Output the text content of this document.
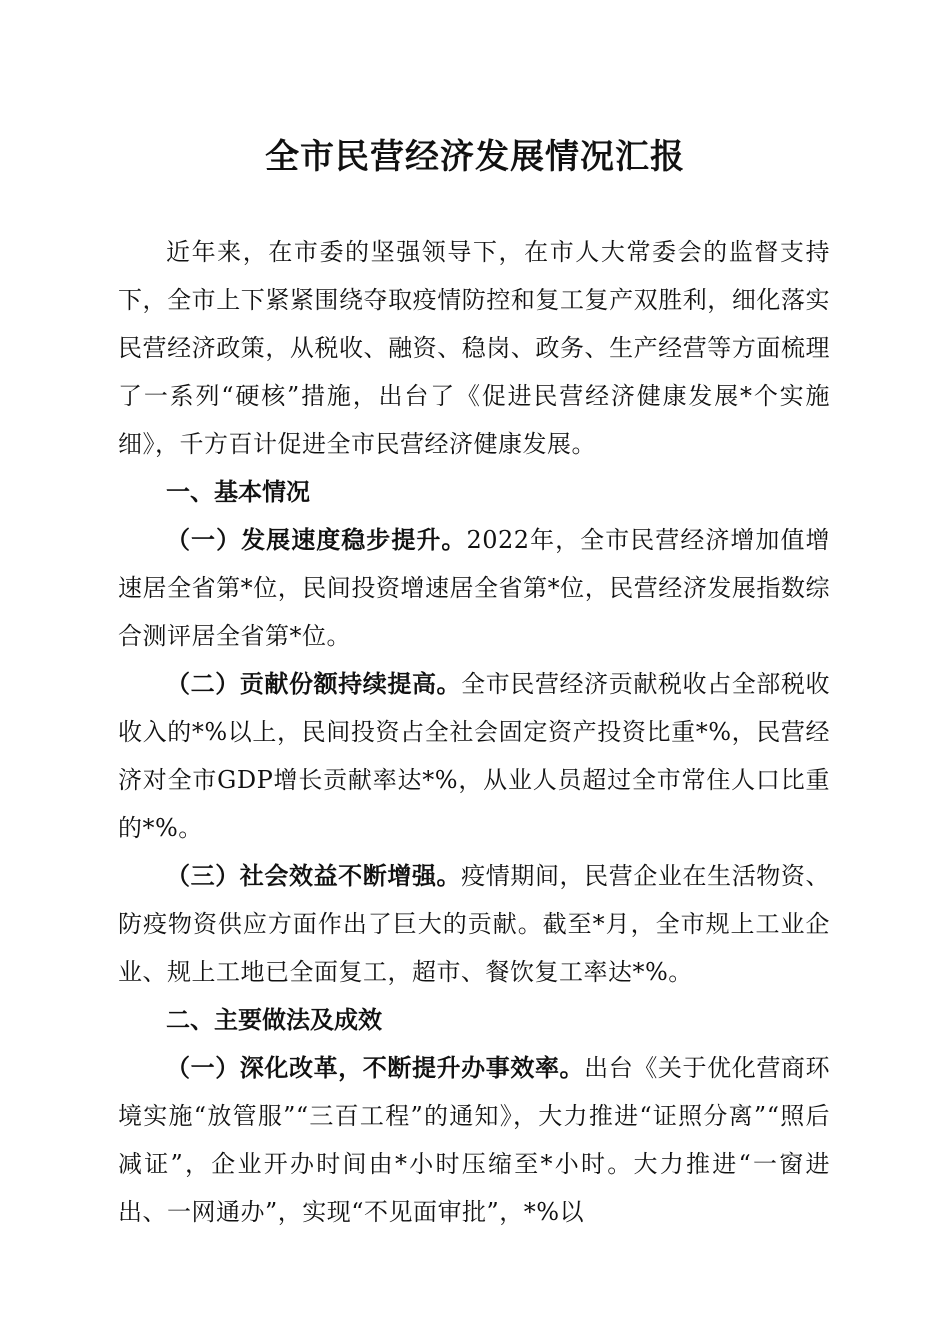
全市民营经济发展情况汇报

近年来，在市委的坚强领导下，在市人大常委会的监督支持下，全市上下紧紧围绕夺取疫情防控和复工复产双胜利，细化落实民营经济政策，从税收、融资、稳岗、政务、生产经营等方面梳理了一系列“硬核”措施，出台了《促进民营经济健康发展*个实施细》，千方百计促进全市民营经济健康发展。

一、基本情况

（一）发展速度稳步提升。2022年，全市民营经济增加值增速居全省第*位，民间投资增速居全省第*位，民营经济发展指数综合测评居全省第*位。

（二）贡献份额持续提高。全市民营经济贡献税收占全部税收收入的*%以上，民间投资占全社会固定资产投资比重*%，民营经济对全市GDP增长贡献率达*%，从业人员超过全市常住人口比重的*%。

（三）社会效益不断增强。疫情期间，民营企业在生活物资、防疫物资供应方面作出了巨大的贡献。截至*月，全市规上工业企业、规上工地已全面复工，超市、餐饮复工率达*%。

二、主要做法及成效

（一）深化改革，不断提升办事效率。出台《关于优化营商环境实施“放管服”“三百工程”的通知》，大力推进“证照分离”“照后减证”，企业开办时间由*小时压缩至*小时。大力推进“一窗进出、一网通办”，实现“不见面审批”，*%以
